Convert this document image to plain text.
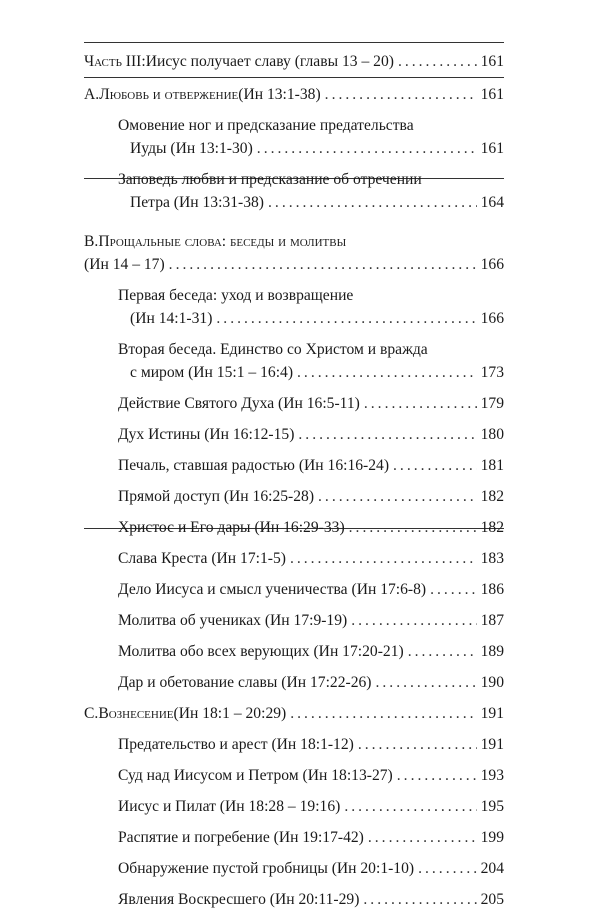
Часть III: Иисус получает славу (главы 13 – 20) .....	161
A. Любовь и отвержение (Ин 13:1-38) .....	161
Омовение ног и предсказание предательства
Иуды (Ин 13:1-30) .....	161
Заповедь любви и предсказание об отречении
Петра (Ин 13:31-38) .....	164
B. Прощальные слова: беседы и молитвы
(Ин 14 – 17) .....	166
Первая беседа: уход и возвращение
(Ин 14:1-31) .....	166
Вторая беседа. Единство со Христом и вражда
с миром (Ин 15:1 – 16:4) .....	173
Действие Святого Духа (Ин 16:5-11) .....	179
Дух Истины (Ин 16:12-15) .....	180
Печаль, ставшая радостью (Ин 16:16-24) .....	181
Прямой доступ (Ин 16:25-28) .....	182
Христос и Его дары (Ин 16:29-33) .....	182
Слава Креста (Ин 17:1-5) .....	183
Дело Иисуса и смысл ученичества (Ин 17:6-8) .....	186
Молитва об учениках (Ин 17:9-19) .....	187
Молитва обо всех верующих (Ин 17:20-21) .....	189
Дар и обетование славы (Ин 17:22-26) .....	190
C. Вознесение (Ин 18:1 – 20:29) .....	191
Предательство и арест (Ин 18:1-12) .....	191
Суд над Иисусом и Петром (Ин 18:13-27) .....	193
Иисус и Пилат (Ин 18:28 – 19:16) .....	195
Распятие и погребение (Ин 19:17-42) .....	199
Обнаружение пустой гробницы (Ин 20:1-10) .....	204
Явления Воскресшего (Ин 20:11-29) .....	205
